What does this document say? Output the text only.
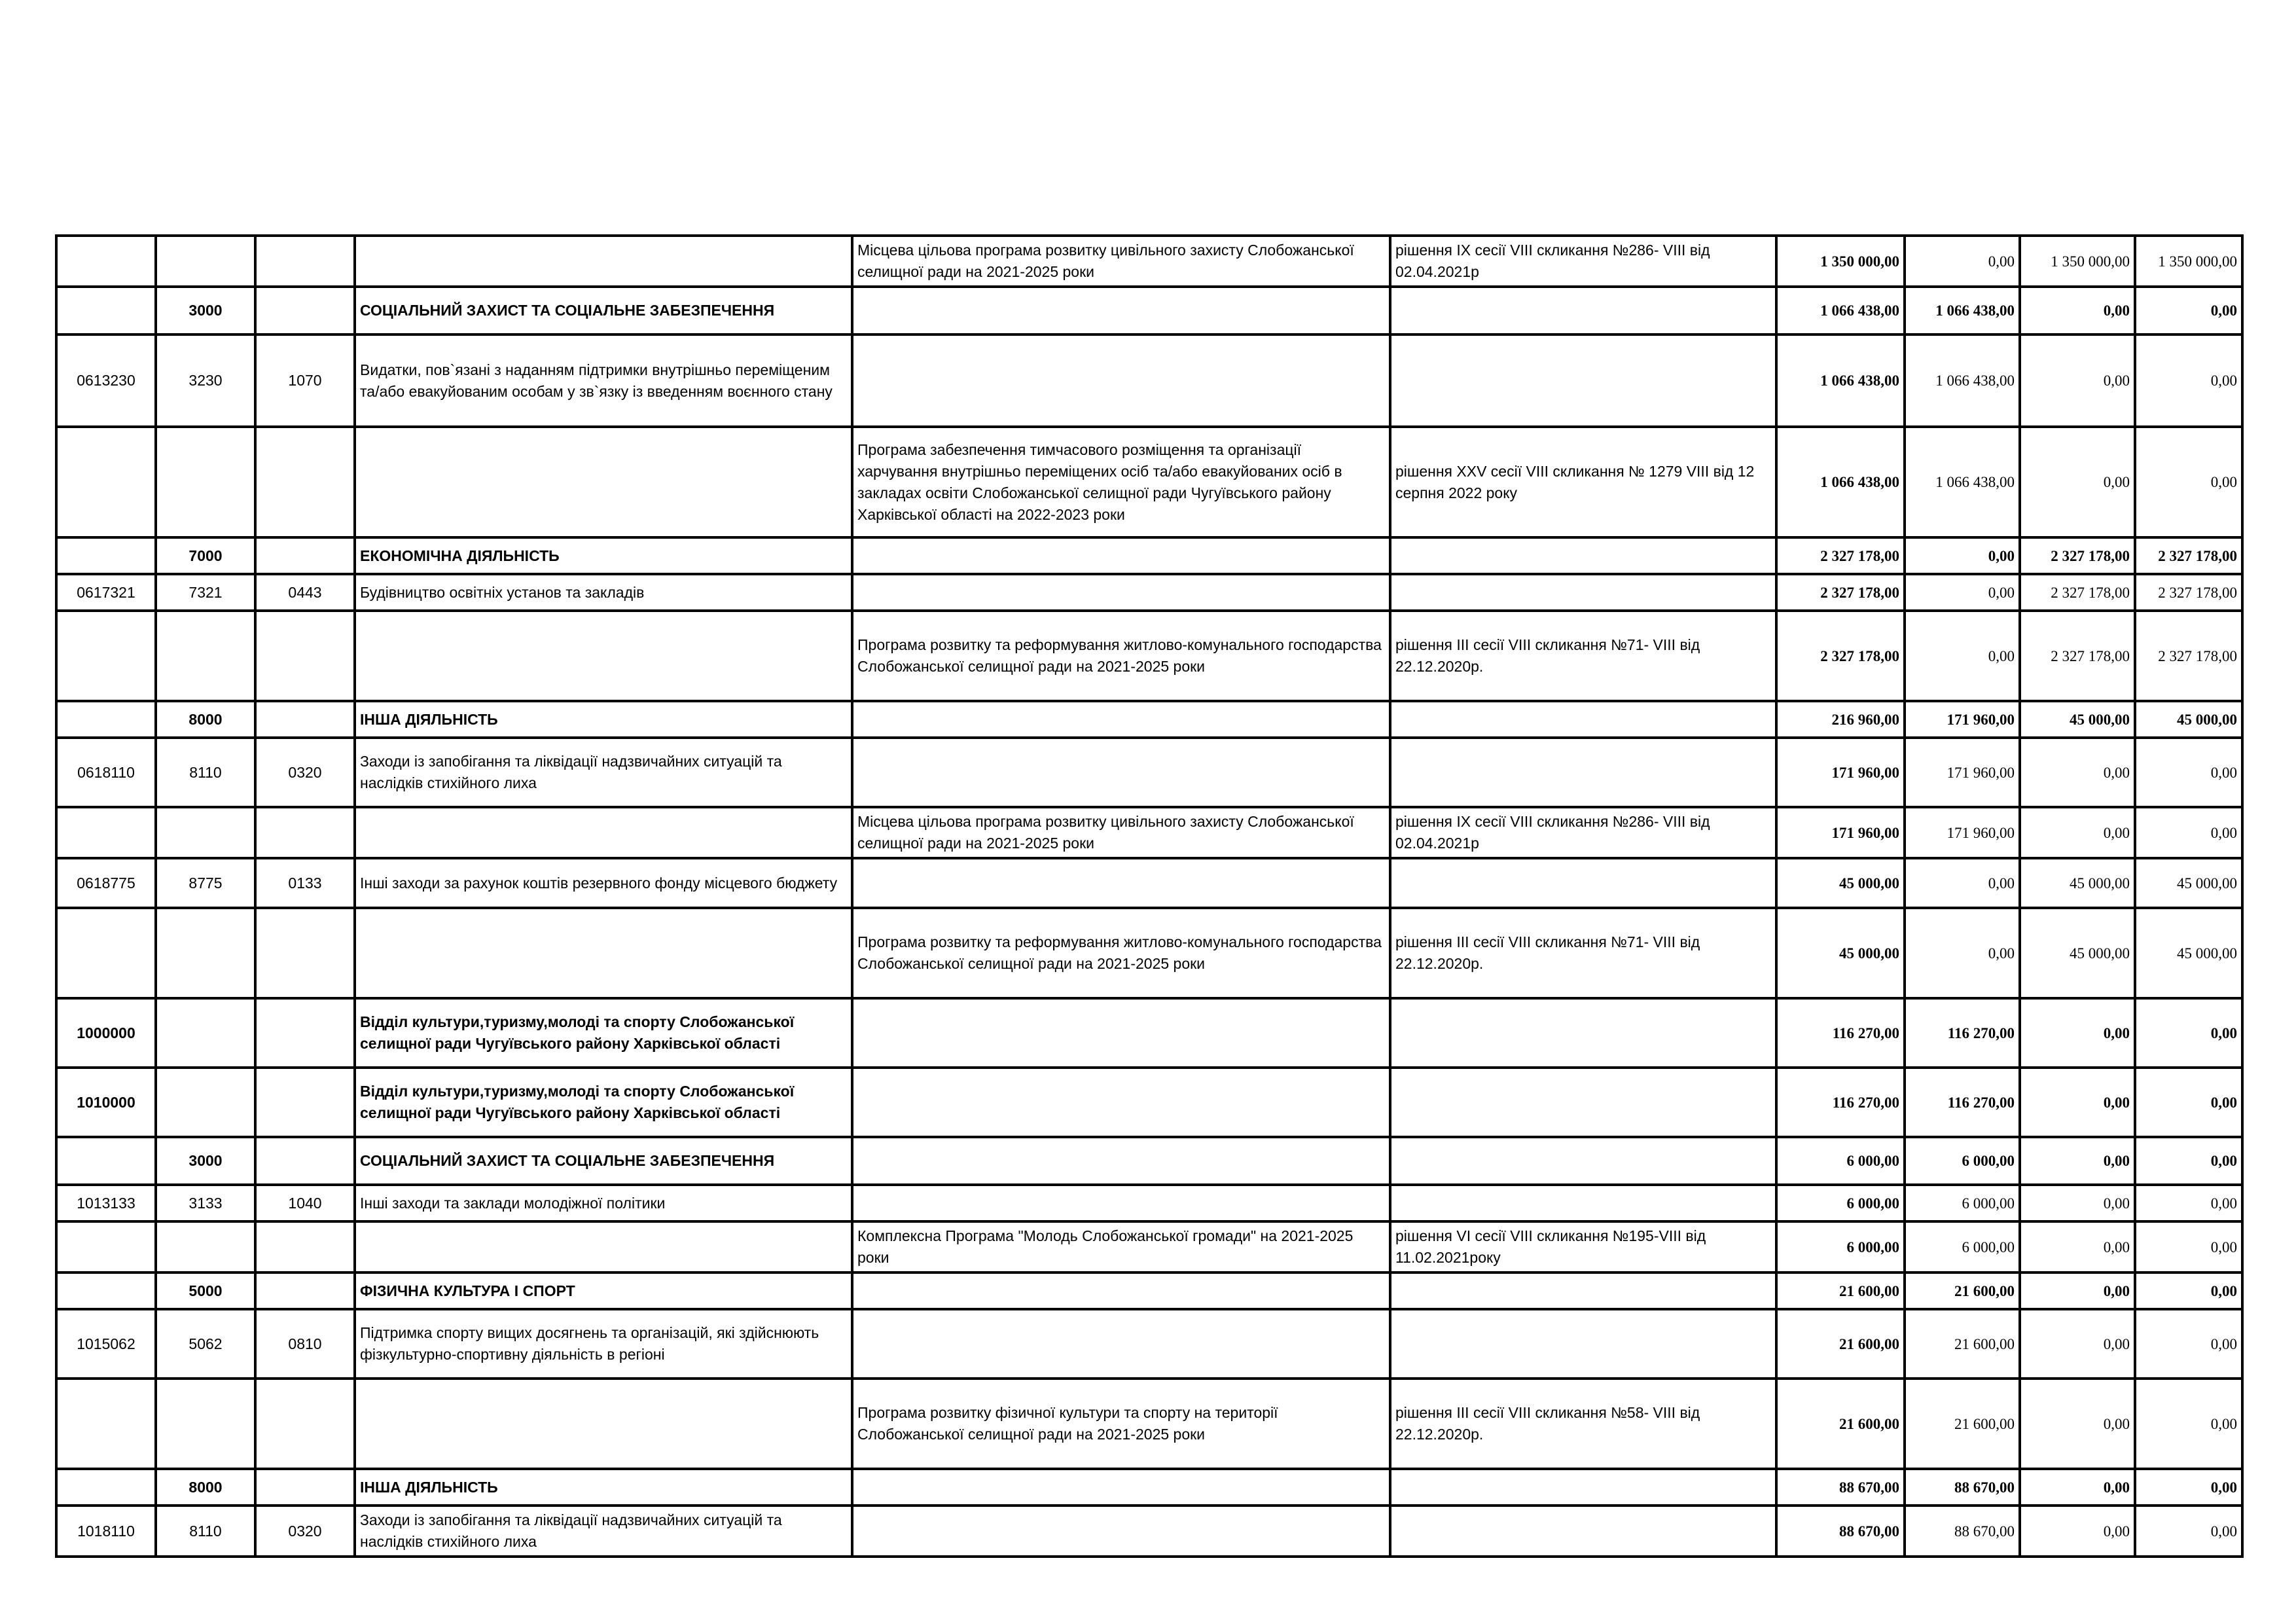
				Місцева цільова програма розвитку цивільного захисту Слобожанської селищної ради на 2021-2025 роки	рішення IX сесії VIII скликання №286- VIII від 02.04.2021р	1 350 000,00	0,00	1 350 000,00	1 350 000,00
	3000		СОЦІАЛЬНИЙ ЗАХИСТ ТА СОЦІАЛЬНЕ ЗАБЕЗПЕЧЕННЯ			1 066 438,00	1 066 438,00	0,00	0,00
0613230	3230	1070	Видатки, пов`язані з наданням підтримки внутрішньо переміщеним та/або евакуйованим особам у зв`язку із введенням воєнного стану			1 066 438,00	1 066 438,00	0,00	0,00
				Програма забезпечення тимчасового розміщення та організації харчування внутрішньо переміщених осіб та/або евакуйованих осіб в закладах освіти Слобожанської селищної ради Чугуївського району Харківської області на 2022-2023 роки	рішення XXV сесії VIII скликання № 1279 VIII від 12 серпня 2022 року	1 066 438,00	1 066 438,00	0,00	0,00
	7000		ЕКОНОМІЧНА ДІЯЛЬНІСТЬ			2 327 178,00	0,00	2 327 178,00	2 327 178,00
0617321	7321	0443	Будівництво освітніх установ та закладів			2 327 178,00	0,00	2 327 178,00	2 327 178,00
				Програма розвитку та реформування житлово-комунального господарства Слобожанської селищної ради на 2021-2025 роки	рішення III сесії VIII скликання №71- VIII від 22.12.2020р.	2 327 178,00	0,00	2 327 178,00	2 327 178,00
	8000		ІНША ДІЯЛЬНІСТЬ			216 960,00	171 960,00	45 000,00	45 000,00
0618110	8110	0320	Заходи із запобігання та ліквідації надзвичайних ситуацій та наслідків стихійного лиха			171 960,00	171 960,00	0,00	0,00
				Місцева цільова програма розвитку цивільного захисту Слобожанської селищної ради на 2021-2025 роки	рішення IX сесії VIII скликання №286- VIII від 02.04.2021р	171 960,00	171 960,00	0,00	0,00
0618775	8775	0133	Інші заходи за рахунок коштів резервного фонду місцевого бюджету			45 000,00	0,00	45 000,00	45 000,00
				Програма розвитку та реформування житлово-комунального господарства Слобожанської селищної ради на 2021-2025 роки	рішення III сесії VIII скликання №71- VIII від 22.12.2020р.	45 000,00	0,00	45 000,00	45 000,00
1000000			Відділ культури,туризму,молоді та спорту Слобожанської селищної ради Чугуївського району Харківської області			116 270,00	116 270,00	0,00	0,00
1010000			Відділ культури,туризму,молоді та спорту Слобожанської селищної ради Чугуївського району Харківської області			116 270,00	116 270,00	0,00	0,00
	3000		СОЦІАЛЬНИЙ ЗАХИСТ ТА СОЦІАЛЬНЕ ЗАБЕЗПЕЧЕННЯ			6 000,00	6 000,00	0,00	0,00
1013133	3133	1040	Інші заходи та заклади молодіжної політики			6 000,00	6 000,00	0,00	0,00
				Комплексна Програма "Молодь Слобожанської громади" на 2021-2025 роки	рішення VI сесії VIII скликання №195-VIII від 11.02.2021року	6 000,00	6 000,00	0,00	0,00
	5000		ФІЗИЧНА КУЛЬТУРА І СПОРТ			21 600,00	21 600,00	0,00	0,00
1015062	5062	0810	Підтримка спорту вищих досягнень та організацій, які здійснюють фізкультурно-спортивну діяльність в регіоні			21 600,00	21 600,00	0,00	0,00
				Програма розвитку фізичної культури та спорту на території Слобожанської селищної ради на 2021-2025 роки	рішення III сесії VIII скликання №58- VIII від 22.12.2020р.	21 600,00	21 600,00	0,00	0,00
	8000		ІНША ДІЯЛЬНІСТЬ			88 670,00	88 670,00	0,00	0,00
1018110	8110	0320	Заходи із запобігання та ліквідації надзвичайних ситуацій та наслідків стихійного лиха			88 670,00	88 670,00	0,00	0,00
